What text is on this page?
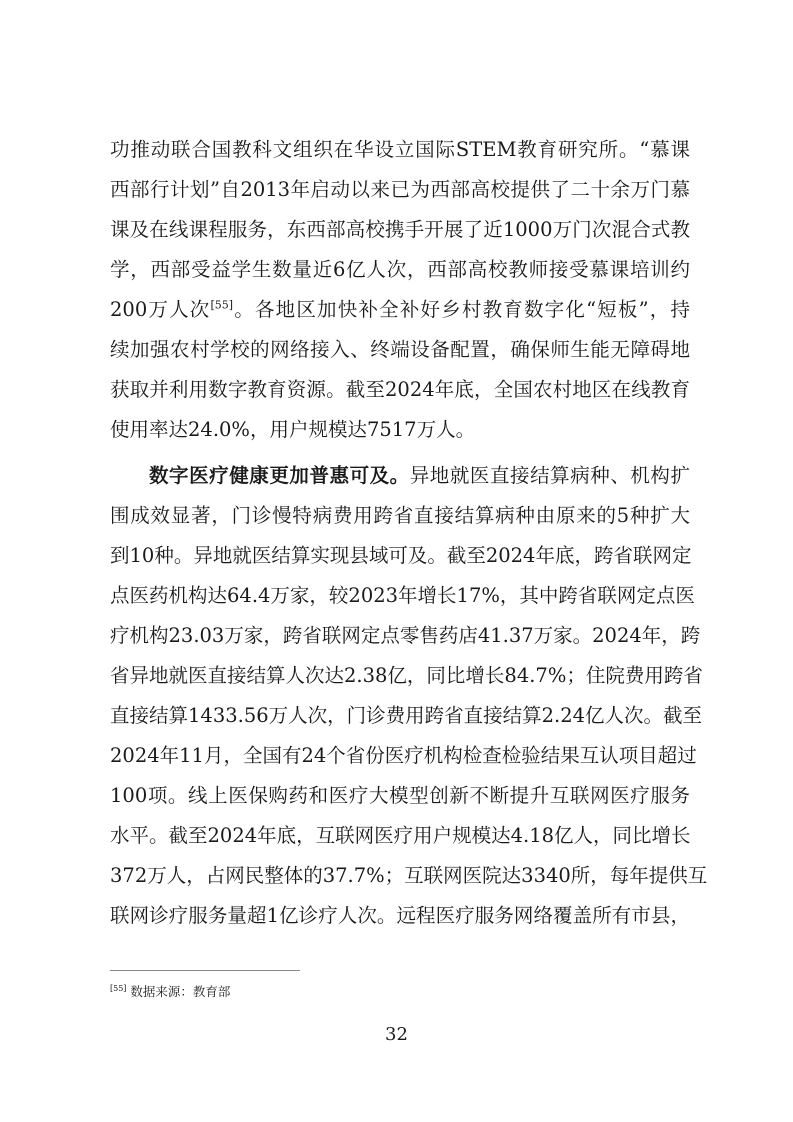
功推动联合国教科文组织在华设立国际STEM教育研究所。“慕课
西部行计划”自2013年启动以来已为西部高校提供了二十余万门慕
课及在线课程服务，东西部高校携手开展了近1000万门次混合式教
学，西部受益学生数量近6亿人次，西部高校教师接受慕课培训约
200万人次[55]。各地区加快补全补好乡村教育数字化“短板”，持
续加强农村学校的网络接入、终端设备配置，确保师生能无障碍地
获取并利用数字教育资源。截至2024年底，全国农村地区在线教育
使用率达24.0%，用户规模达7517万人。
数字医疗健康更加普惠可及。异地就医直接结算病种、机构扩
围成效显著，门诊慢特病费用跨省直接结算病种由原来的5种扩大
到10种。异地就医结算实现县域可及。截至2024年底，跨省联网定
点医药机构达64.4万家，较2023年增长17%，其中跨省联网定点医
疗机构23.03万家，跨省联网定点零售药店41.37万家。2024年，跨
省异地就医直接结算人次达2.38亿，同比增长84.7%；住院费用跨省
直接结算1433.56万人次，门诊费用跨省直接结算2.24亿人次。截至
2024年11月，全国有24个省份医疗机构检查检验结果互认项目超过
100项。线上医保购药和医疗大模型创新不断提升互联网医疗服务
水平。截至2024年底，互联网医疗用户规模达4.18亿人，同比增长
372万人，占网民整体的37.7%；互联网医院达3340所，每年提供互
联网诊疗服务量超1亿诊疗人次。远程医疗服务网络覆盖所有市县，
[55] 数据来源：教育部
32
